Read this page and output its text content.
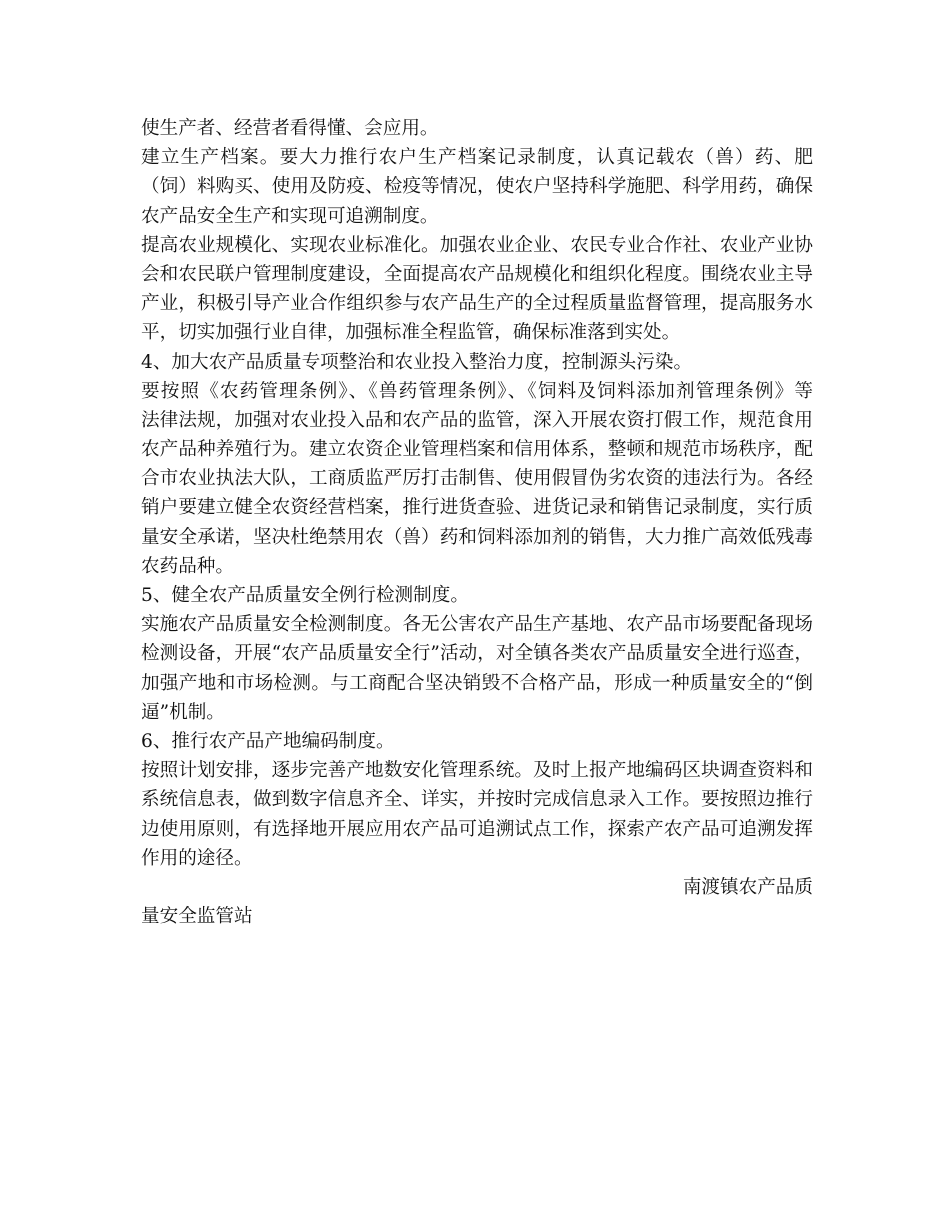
使生产者、经营者看得懂、会应用。
建立生产档案。要大力推行农户生产档案记录制度，认真记载农（兽）药、肥
（饲）料购买、使用及防疫、检疫等情况，使农户坚持科学施肥、科学用药，确保
农产品安全生产和实现可追溯制度。
提高农业规模化、实现农业标准化。加强农业企业、农民专业合作社、农业产业协
会和农民联户管理制度建设，全面提高农产品规模化和组织化程度。围绕农业主导
产业，积极引导产业合作组织参与农产品生产的全过程质量监督管理，提高服务水
平，切实加强行业自律，加强标准全程监管，确保标准落到实处。
4、加大农产品质量专项整治和农业投入整治力度，控制源头污染。
要按照《农药管理条例》、《兽药管理条例》、《饲料及饲料添加剂管理条例》等
法律法规，加强对农业投入品和农产品的监管，深入开展农资打假工作，规范食用
农产品种养殖行为。建立农资企业管理档案和信用体系，整顿和规范市场秩序，配
合市农业执法大队，工商质监严厉打击制售、使用假冒伪劣农资的违法行为。各经
销户要建立健全农资经营档案，推行进货查验、进货记录和销售记录制度，实行质
量安全承诺，坚决杜绝禁用农（兽）药和饲料添加剂的销售，大力推广高效低残毒
农药品种。
5、健全农产品质量安全例行检测制度。
实施农产品质量安全检测制度。各无公害农产品生产基地、农产品市场要配备现场
检测设备，开展“农产品质量安全行”活动，对全镇各类农产品质量安全进行巡查，
加强产地和市场检测。与工商配合坚决销毁不合格产品，形成一种质量安全的“倒
逼”机制。
6、推行农产品产地编码制度。
按照计划安排，逐步完善产地数安化管理系统。及时上报产地编码区块调查资料和
系统信息表，做到数字信息齐全、详实，并按时完成信息录入工作。要按照边推行
边使用原则，有选择地开展应用农产品可追溯试点工作，探索产农产品可追溯发挥
作用的途径。
南渡镇农产品质
量安全监管站
